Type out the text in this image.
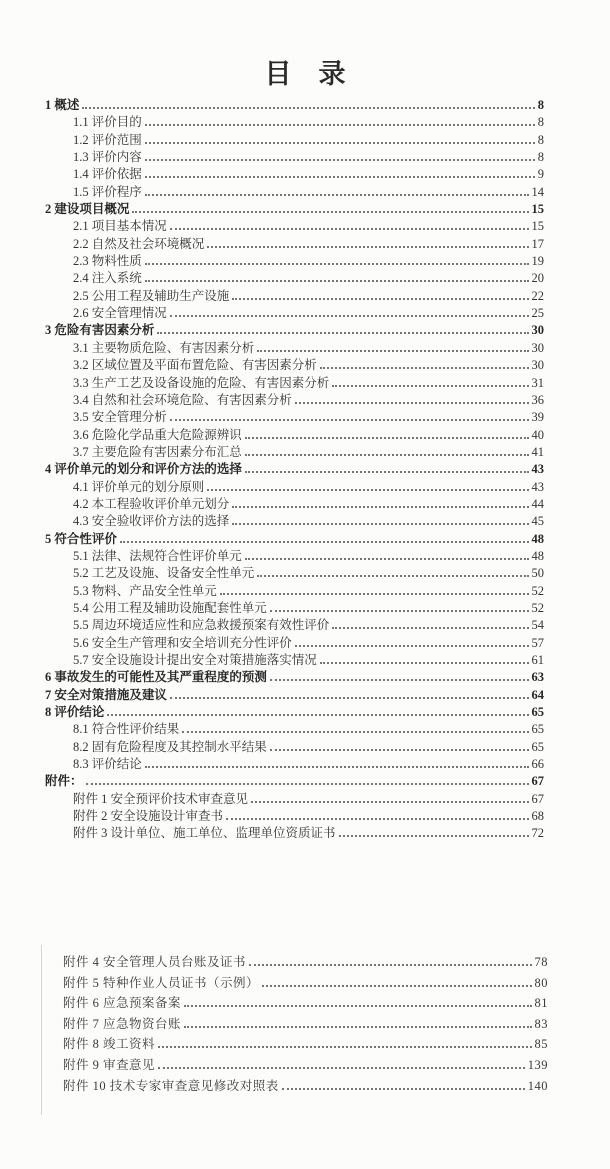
目　录
1 概述	8
1.1 评价目的	8
1.2 评价范围	8
1.3 评价内容	8
1.4 评价依据	9
1.5 评价程序	14
2 建设项目概况	15
2.1 项目基本情况	15
2.2 自然及社会环境概况	17
2.3 物料性质	19
2.4 注入系统	20
2.5 公用工程及辅助生产设施	22
2.6 安全管理情况	25
3 危险有害因素分析	30
3.1 主要物质危险、有害因素分析	30
3.2 区域位置及平面布置危险、有害因素分析	30
3.3 生产工艺及设备设施的危险、有害因素分析	31
3.4 自然和社会环境危险、有害因素分析	36
3.5 安全管理分析	39
3.6 危险化学品重大危险源辨识	40
3.7 主要危险有害因素分布汇总	41
4 评价单元的划分和评价方法的选择	43
4.1 评价单元的划分原则	43
4.2 本工程验收评价单元划分	44
4.3 安全验收评价方法的选择	45
5 符合性评价	48
5.1 法律、法规符合性评价单元	48
5.2 工艺及设施、设备安全性单元	50
5.3 物料、产品安全性单元	52
5.4 公用工程及辅助设施配套性单元	52
5.5 周边环境适应性和应急救援预案有效性评价	54
5.6 安全生产管理和安全培训充分性评价	57
5.7 安全设施设计提出安全对策措施落实情况	61
6 事故发生的可能性及其严重程度的预测	63
7 安全对策措施及建议	64
8 评价结论	65
8.1 符合性评价结果	65
8.2 固有危险程度及其控制水平结果	65
8.3 评价结论	66
附件：	67
附件 1 安全预评价技术审查意见	67
附件 2 安全设施设计审查书	68
附件 3 设计单位、施工单位、监理单位资质证书	72
附件 4 安全管理人员台账及证书	78
附件 5 特种作业人员证书（示例）	80
附件 6 应急预案备案	81
附件 7 应急物资台账	83
附件 8 竣工资料	85
附件 9 审查意见	139
附件 10 技术专家审查意见修改对照表	140
